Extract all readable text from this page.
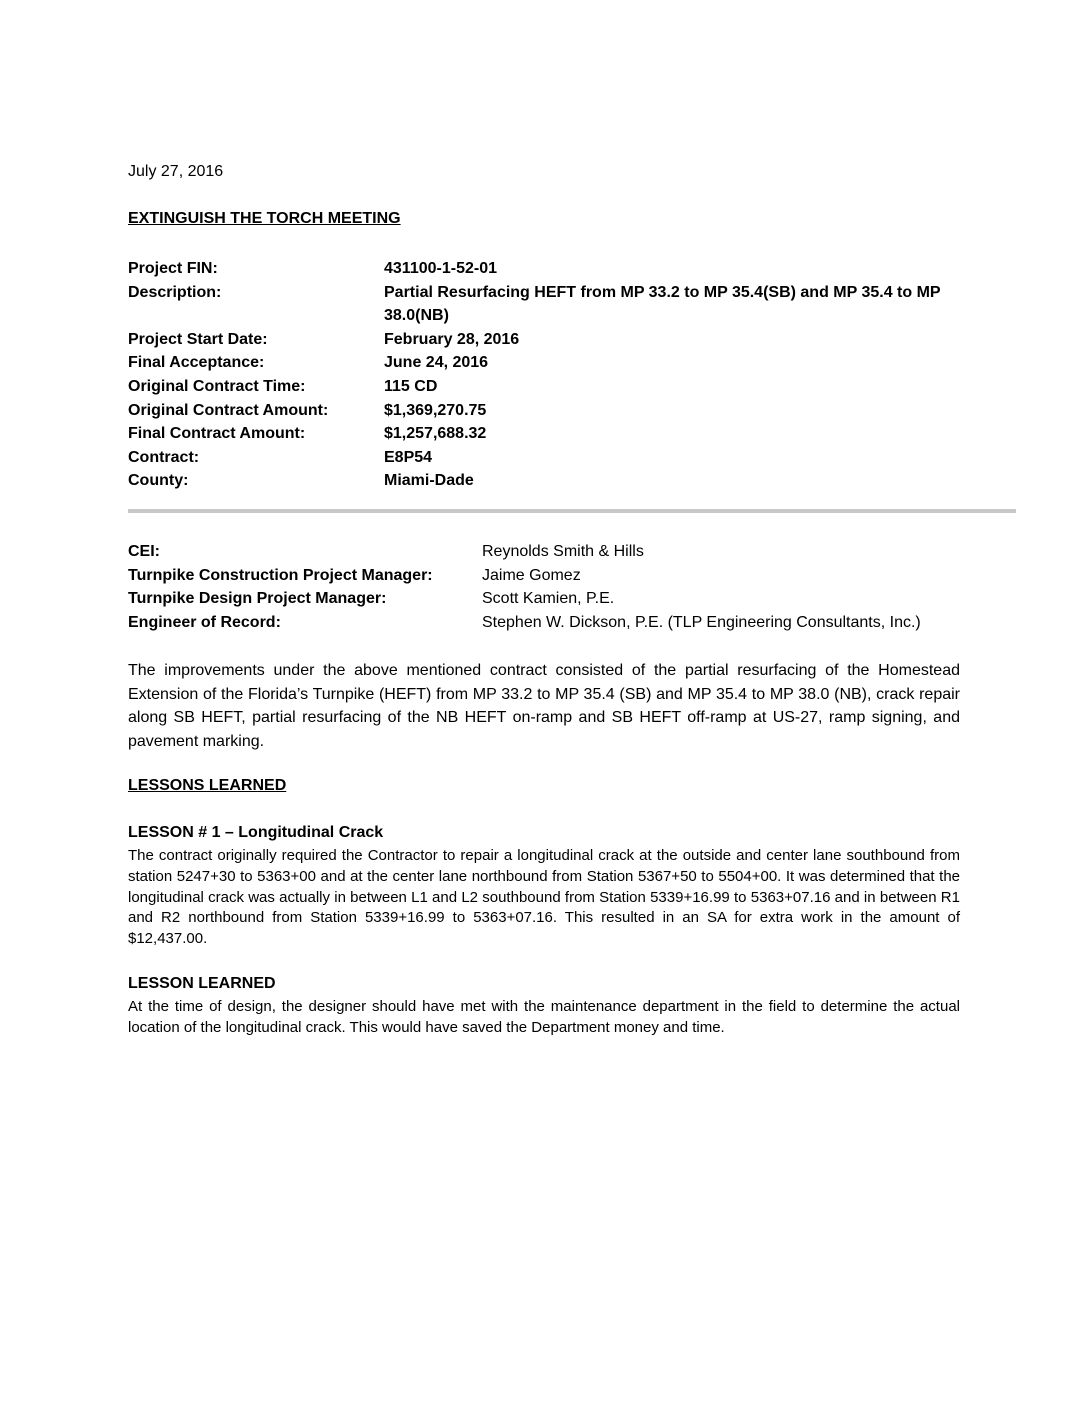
July 27, 2016
EXTINGUISH THE TORCH MEETING
Project FIN:	431100-1-52-01
Description:	Partial Resurfacing HEFT from MP 33.2 to MP 35.4(SB) and MP 35.4 to MP 38.0(NB)
Project Start Date:	February 28, 2016
Final Acceptance:	June 24, 2016
Original Contract Time:	115 CD
Original Contract Amount:	$1,369,270.75
Final Contract Amount:	$1,257,688.32
Contract:	E8P54
County:	Miami-Dade
CEI:	Reynolds Smith & Hills
Turnpike Construction Project Manager:	Jaime Gomez
Turnpike Design Project Manager:	Scott Kamien, P.E.
Engineer of Record:	Stephen W. Dickson, P.E. (TLP Engineering Consultants, Inc.)

The improvements under the above mentioned contract consisted of the partial resurfacing of the Homestead Extension of the Florida’s Turnpike (HEFT) from MP 33.2 to MP 35.4 (SB) and MP 35.4 to MP 38.0 (NB), crack repair along SB HEFT, partial resurfacing of the NB HEFT on-ramp and SB HEFT off-ramp at US-27, ramp signing, and pavement marking.

LESSONS LEARNED
LESSON # 1 – Longitudinal Crack

The contract originally required the Contractor to repair a longitudinal crack at the outside and center lane southbound from station 5247+30 to 5363+00 and at the center lane northbound from Station 5367+50 to 5504+00. It was determined that the longitudinal crack was actually in between L1 and L2 southbound from Station 5339+16.99 to 5363+07.16 and in between R1 and R2 northbound from Station 5339+16.99 to 5363+07.16. This resulted in an SA for extra work in the amount of $12,437.00.

LESSON LEARNED

At the time of design, the designer should have met with the maintenance department in the field to determine the actual location of the longitudinal crack. This would have saved the Department money and time.
